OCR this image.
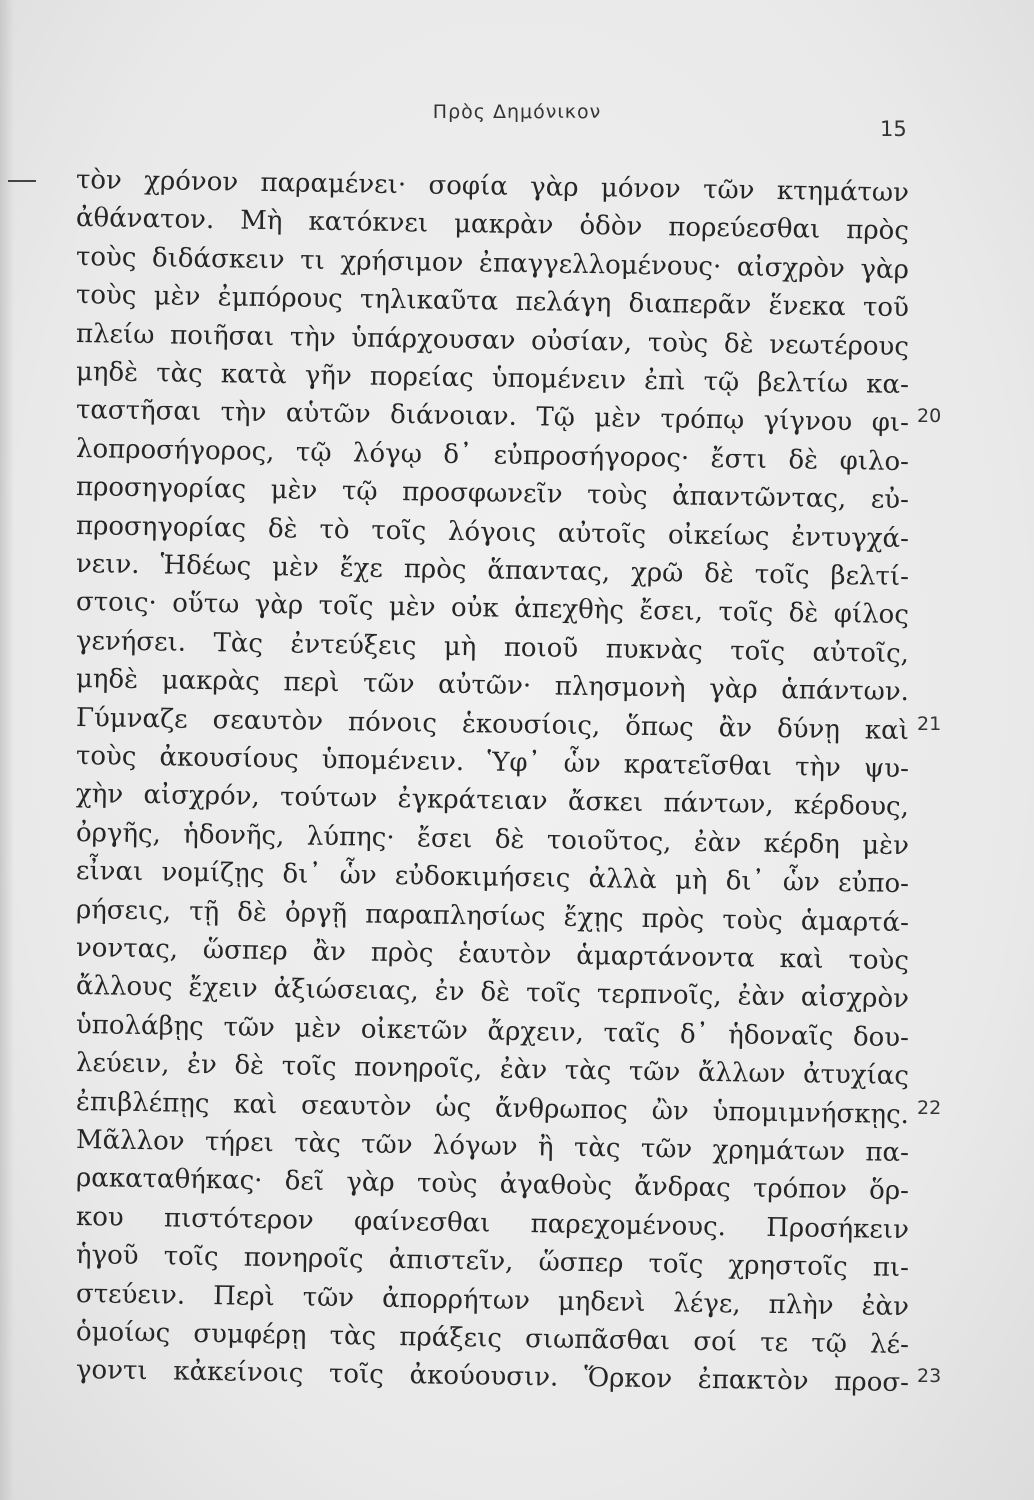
Πρὸς Δημόνικον
15
τὸν χρόνον παραμένει· σοφία γὰρ μόνον τῶν κτημάτων
ἀθάνατον. Μὴ κατόκνει μακρὰν ὁδὸν πορεύεσθαι πρὸς
τοὺς διδάσκειν τι χρήσιμον ἐπαγγελλομένους· αἰσχρὸν γὰρ
τοὺς μὲν ἐμπόρους τηλικαῦτα πελάγη διαπερᾶν ἕνεκα τοῦ
πλείω ποιῆσαι τὴν ὑπάρχουσαν οὐσίαν, τοὺς δὲ νεωτέρους
μηδὲ τὰς κατὰ γῆν πορείας ὑπομένειν ἐπὶ τῷ βελτίω κα-
ταστῆσαι τὴν αὑτῶν διάνοιαν. Τῷ μὲν τρόπῳ γίγνου φι-
λοπροσήγορος, τῷ λόγῳ δ᾽ εὐπροσήγορος· ἔστι δὲ φιλο-
προσηγορίας μὲν τῷ προσφωνεῖν τοὺς ἀπαντῶντας, εὐ-
προσηγορίας δὲ τὸ τοῖς λόγοις αὐτοῖς οἰκείως ἐντυγχά-
νειν. Ἡδέως μὲν ἔχε πρὸς ἅπαντας, χρῶ δὲ τοῖς βελτί-
στοις· οὕτω γὰρ τοῖς μὲν οὐκ ἀπεχθὴς ἔσει, τοῖς δὲ φίλος
γενήσει. Τὰς ἐντεύξεις μὴ ποιοῦ πυκνὰς τοῖς αὐτοῖς,
μηδὲ μακρὰς περὶ τῶν αὐτῶν· πλησμονὴ γὰρ ἁπάντων.
Γύμναζε σεαυτὸν πόνοις ἑκουσίοις, ὅπως ἂν δύνῃ καὶ
τοὺς ἀκουσίους ὑπομένειν. Ὑφ᾽ ὧν κρατεῖσθαι τὴν ψυ-
χὴν αἰσχρόν, τούτων ἐγκράτειαν ἄσκει πάντων, κέρδους,
ὀργῆς, ἡδονῆς, λύπης· ἔσει δὲ τοιοῦτος, ἐὰν κέρδη μὲν
εἶναι νομίζῃς δι᾽ ὧν εὐδοκιμήσεις ἀλλὰ μὴ δι᾽ ὧν εὐπο-
ρήσεις, τῇ δὲ ὀργῇ παραπλησίως ἔχῃς πρὸς τοὺς ἁμαρτά-
νοντας, ὥσπερ ἂν πρὸς ἑαυτὸν ἁμαρτάνοντα καὶ τοὺς
ἄλλους ἔχειν ἀξιώσειας, ἐν δὲ τοῖς τερπνοῖς, ἐὰν αἰσχρὸν
ὑπολάβῃς τῶν μὲν οἰκετῶν ἄρχειν, ταῖς δ᾽ ἡδοναῖς δου-
λεύειν, ἐν δὲ τοῖς πονηροῖς, ἐὰν τὰς τῶν ἄλλων ἀτυχίας
ἐπιβλέπῃς καὶ σεαυτὸν ὡς ἄνθρωπος ὢν ὑπομιμνήσκῃς.
Μᾶλλον τήρει τὰς τῶν λόγων ἢ τὰς τῶν χρημάτων πα-
ρακαταθήκας· δεῖ γὰρ τοὺς ἀγαθοὺς ἄνδρας τρόπον ὅρ-
κου πιστότερον φαίνεσθαι παρεχομένους. Προσήκειν
ἡγοῦ τοῖς πονηροῖς ἀπιστεῖν, ὥσπερ τοῖς χρηστοῖς πι-
στεύειν. Περὶ τῶν ἀπορρήτων μηδενὶ λέγε, πλὴν ἐὰν
ὁμοίως συμφέρῃ τὰς πράξεις σιωπᾶσθαι σοί τε τῷ λέ-
γοντι κἀκείνοις τοῖς ἀκούουσιν. Ὅρκον ἐπακτὸν προσ-
20
21
22
23
